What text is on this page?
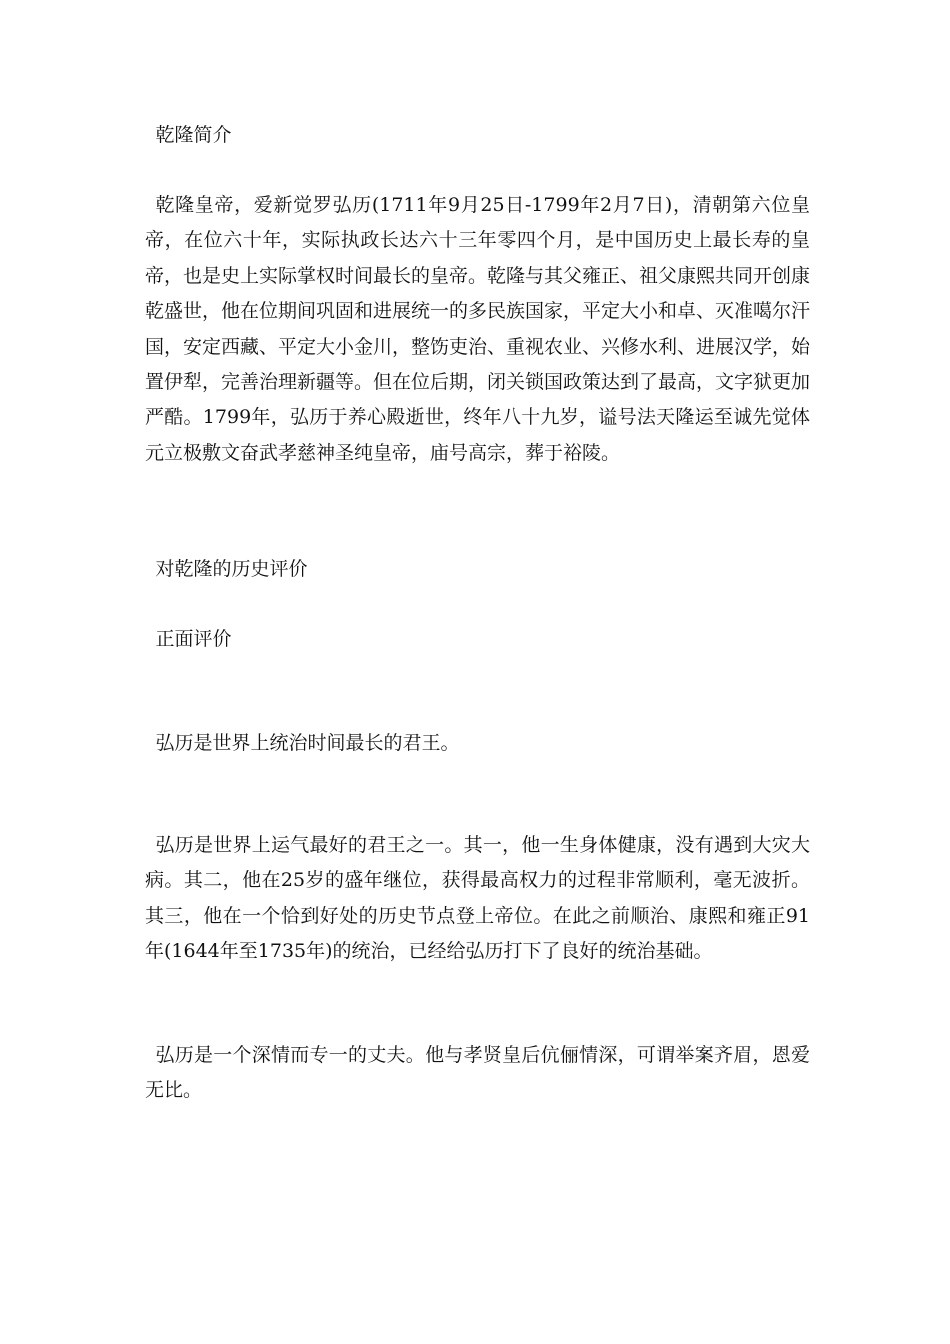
乾隆简介

乾隆皇帝，爱新觉罗弘历(1711年9月25日-1799年2月7日)，清朝第六位皇帝，在位六十年，实际执政长达六十三年零四个月，是中国历史上最长寿的皇帝，也是史上实际掌权时间最长的皇帝。乾隆与其父雍正、祖父康熙共同开创康乾盛世，他在位期间巩固和进展统一的多民族国家，平定大小和卓、灭准噶尔汗国，安定西藏、平定大小金川，整饬吏治、重视农业、兴修水利、进展汉学，始置伊犁，完善治理新疆等。但在位后期，闭关锁国政策达到了最高，文字狱更加严酷。1799年，弘历于养心殿逝世，终年八十九岁，谥号法天隆运至诚先觉体元立极敷文奋武孝慈神圣纯皇帝，庙号高宗，葬于裕陵。

对乾隆的历史评价

正面评价

弘历是世界上统治时间最长的君王。

弘历是世界上运气最好的君王之一。其一，他一生身体健康，没有遇到大灾大病。其二，他在25岁的盛年继位，获得最高权力的过程非常顺利，毫无波折。其三，他在一个恰到好处的历史节点登上帝位。在此之前顺治、康熙和雍正91年(1644年至1735年)的统治，已经给弘历打下了良好的统治基础。

弘历是一个深情而专一的丈夫。他与孝贤皇后伉俪情深，可谓举案齐眉，恩爱无比。
